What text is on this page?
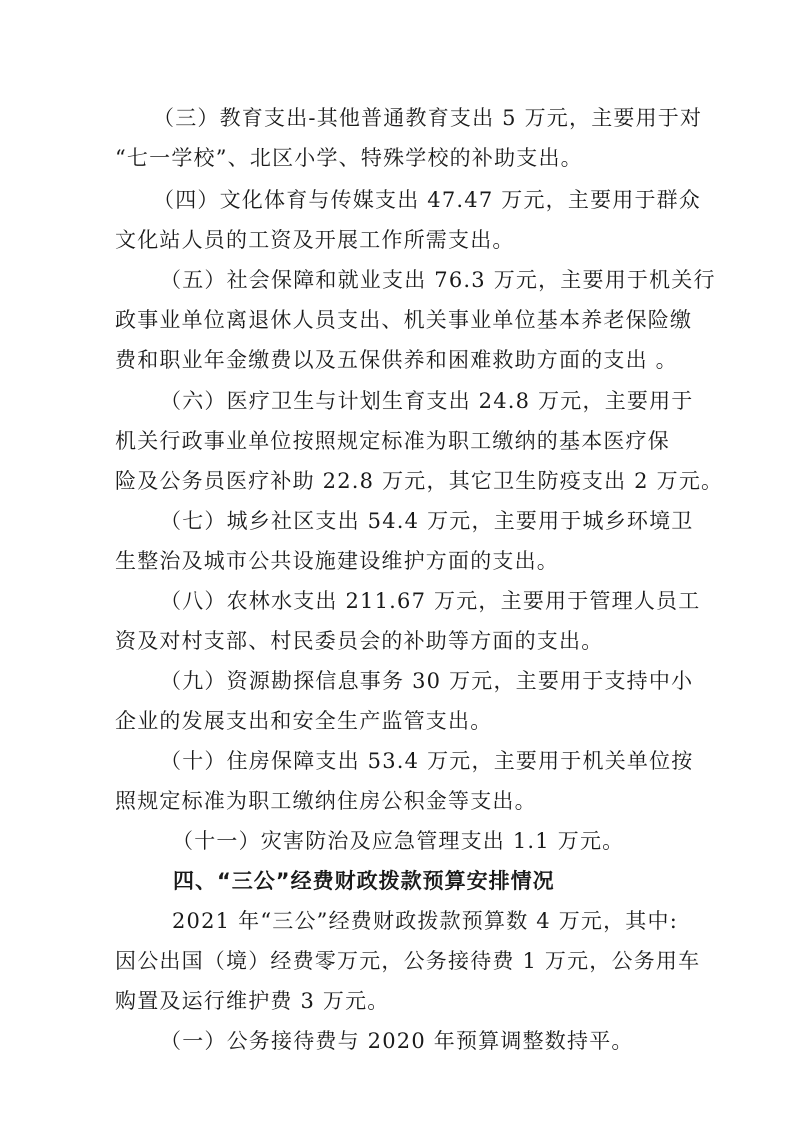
（三）教育支出-其他普通教育支出 5 万元，主要用于对

“七一学校”、北区小学、特殊学校的补助支出。

（四）文化体育与传媒支出 47.47 万元，主要用于群众

文化站人员的工资及开展工作所需支出。

（五）社会保障和就业支出 76.3 万元，主要用于机关行

政事业单位离退休人员支出、机关事业单位基本养老保险缴

费和职业年金缴费以及五保供养和困难救助方面的支出 。

（六）医疗卫生与计划生育支出 24.8 万元，主要用于

机关行政事业单位按照规定标准为职工缴纳的基本医疗保

险及公务员医疗补助 22.8 万元，其它卫生防疫支出 2 万元。

（七）城乡社区支出 54.4 万元，主要用于城乡环境卫

生整治及城市公共设施建设维护方面的支出。

（八）农林水支出 211.67 万元，主要用于管理人员工

资及对村支部、村民委员会的补助等方面的支出。

（九）资源勘探信息事务 30 万元，主要用于支持中小

企业的发展支出和安全生产监管支出。

（十）住房保障支出 53.4 万元，主要用于机关单位按

照规定标准为职工缴纳住房公积金等支出。

（十一）灾害防治及应急管理支出 1.1 万元。

四、“三公”经费财政拨款预算安排情况

2021 年“三公”经费财政拨款预算数 4 万元，其中:

因公出国（境）经费零万元，公务接待费 1 万元，公务用车

购置及运行维护费 3 万元。

（一）公务接待费与 2020 年预算调整数持平。
